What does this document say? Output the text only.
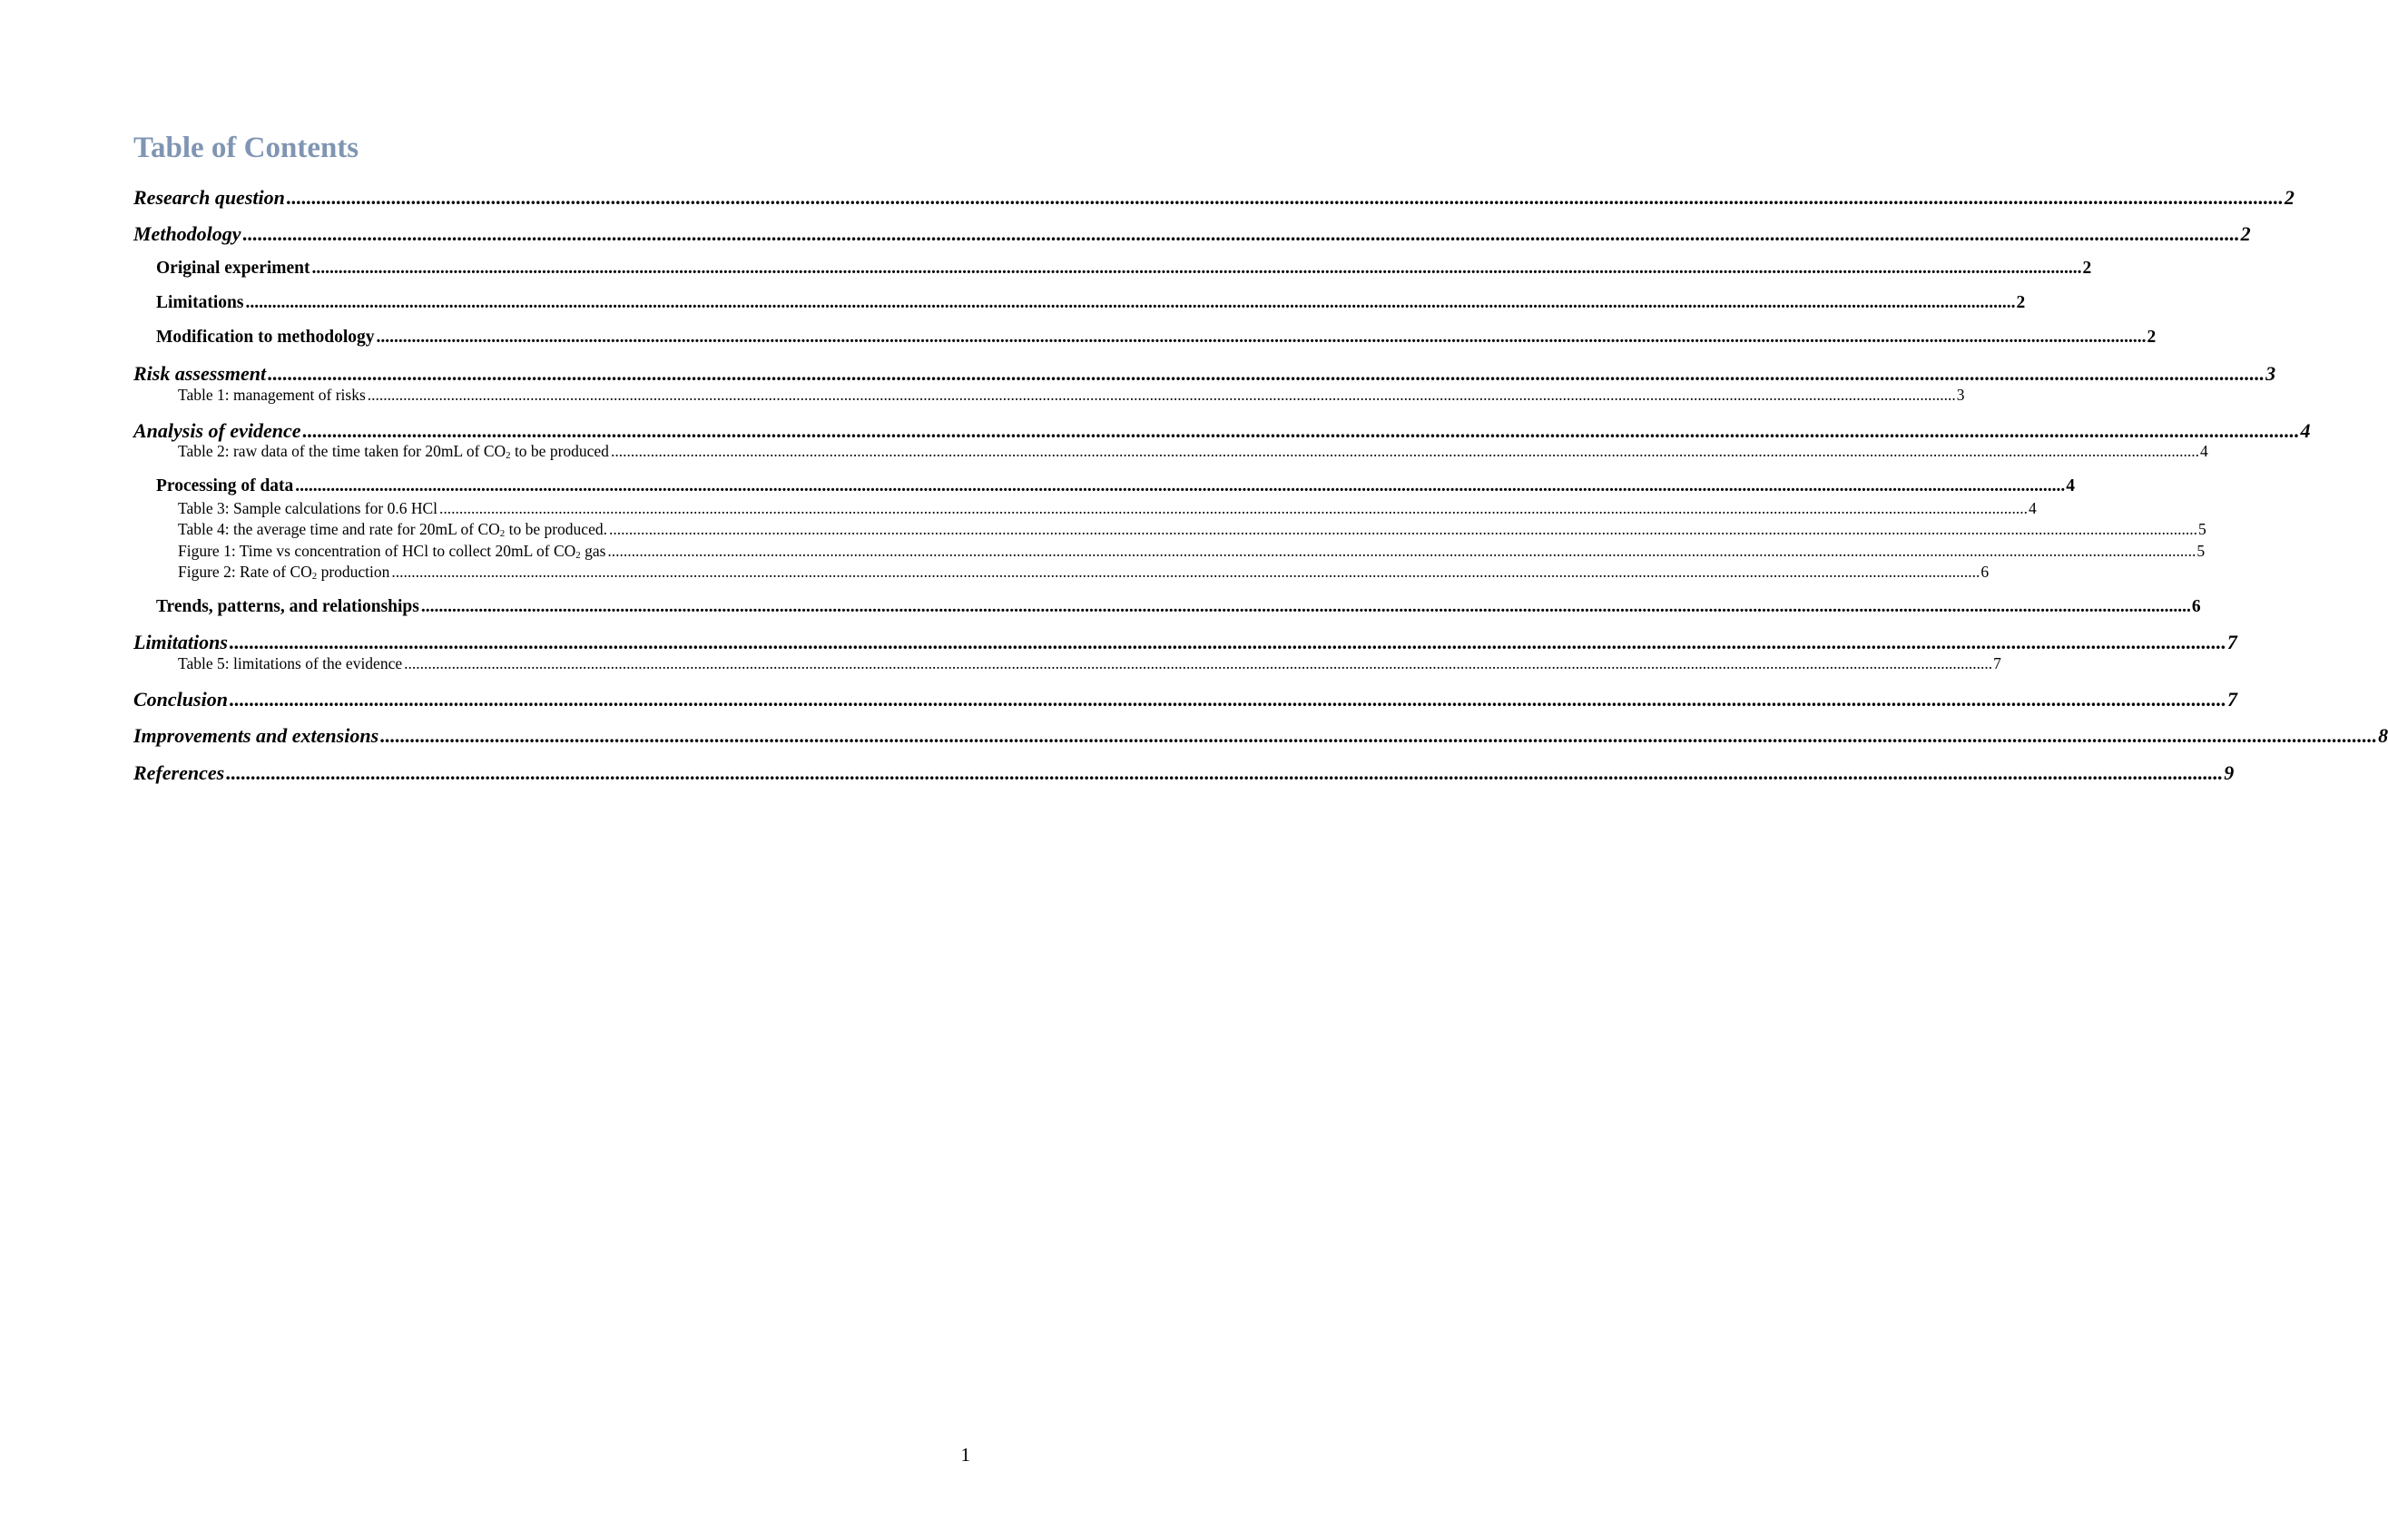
Table of Contents
Research question ................................................................................................................................................................................................................................................................................................................................................................................................................ 2
Methodology ................................................................................................................................................................................................................................................................................................................................................................................................................ 2
Original experiment ................................................................................................................................................................................................................................................................................................................................................................................................................ 2
Limitations ................................................................................................................................................................................................................................................................................................................................................................................................................ 2
Modification to methodology ................................................................................................................................................................................................................................................................................................................................................................................................................ 2
Risk assessment ................................................................................................................................................................................................................................................................................................................................................................................................................ 3
Table 1: management of risks ................................................................................................................................................................................................................................................................................................................................................................................................................ 3
Analysis of evidence ................................................................................................................................................................................................................................................................................................................................................................................................................ 4
Table 2: raw data of the time taken for 20mL of $CO_2$ to be produced ................................................................................................................................................................................................................................................................................................................................................................................................................ 4
Processing of data ................................................................................................................................................................................................................................................................................................................................................................................................................ 4
Table 3: Sample calculations for 0.6 HCl ................................................................................................................................................................................................................................................................................................................................................................................................................ 4
Table 4: the average time and rate for 20mL of $CO_2$ to be produced. ................................................................................................................................................................................................................................................................................................................................................................................................................ 5
Figure 1: Time vs concentration of HCl to collect 20mL of $CO_2$ gas ................................................................................................................................................................................................................................................................................................................................................................................................................ 5
Figure 2: Rate of $CO_2$ production ................................................................................................................................................................................................................................................................................................................................................................................................................ 6
Trends, patterns, and relationships ................................................................................................................................................................................................................................................................................................................................................................................................................ 6
Limitations ................................................................................................................................................................................................................................................................................................................................................................................................................ 7
Table 5: limitations of the evidence ................................................................................................................................................................................................................................................................................................................................................................................................................ 7
Conclusion ................................................................................................................................................................................................................................................................................................................................................................................................................ 7
Improvements and extensions ................................................................................................................................................................................................................................................................................................................................................................................................................ 8
References ................................................................................................................................................................................................................................................................................................................................................................................................................ 9
1
